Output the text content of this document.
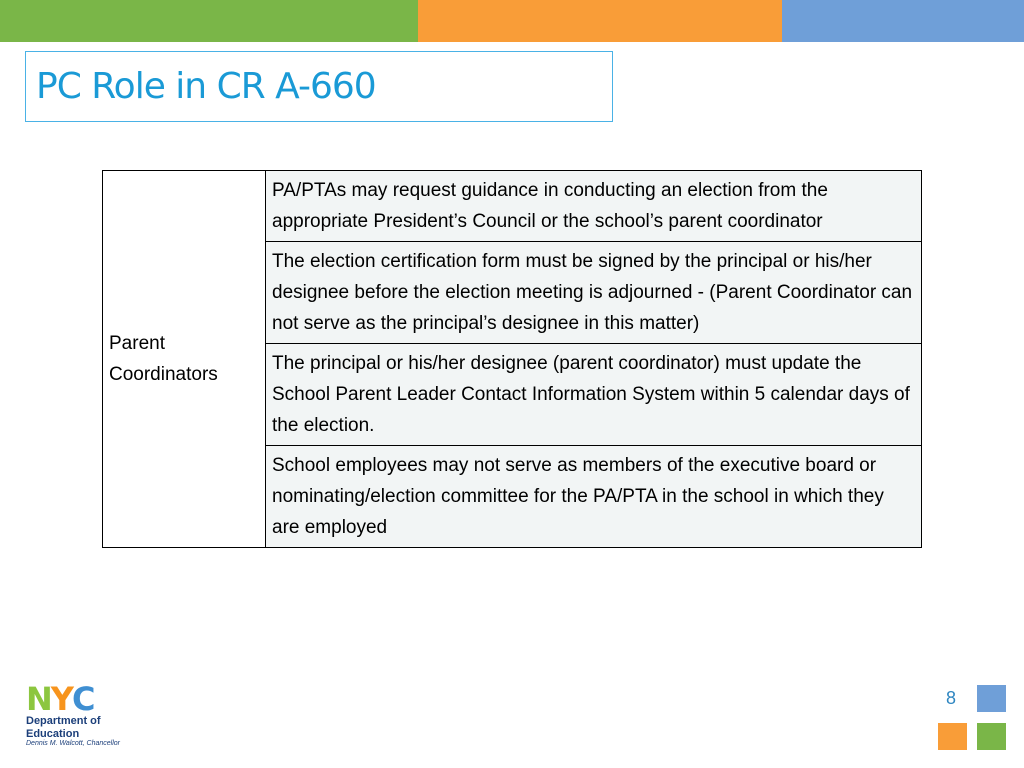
PC Role in CR A-660
Parent Coordinators	PA/PTAs may request guidance in conducting an election from the appropriate President’s Council or the school’s parent coordinator
The election certification form must be signed by the principal or his/her designee before the election meeting is adjourned - (Parent Coordinator can not serve as the principal’s designee in this matter)
The principal or his/her designee (parent coordinator) must update the School Parent Leader Contact Information System within 5 calendar days of the election.
School employees may not serve as members of the executive board or nominating/election committee for the PA/PTA in the school in which they are employed
N Y C
Department of
Education
Dennis M. Walcott, Chancellor
8
